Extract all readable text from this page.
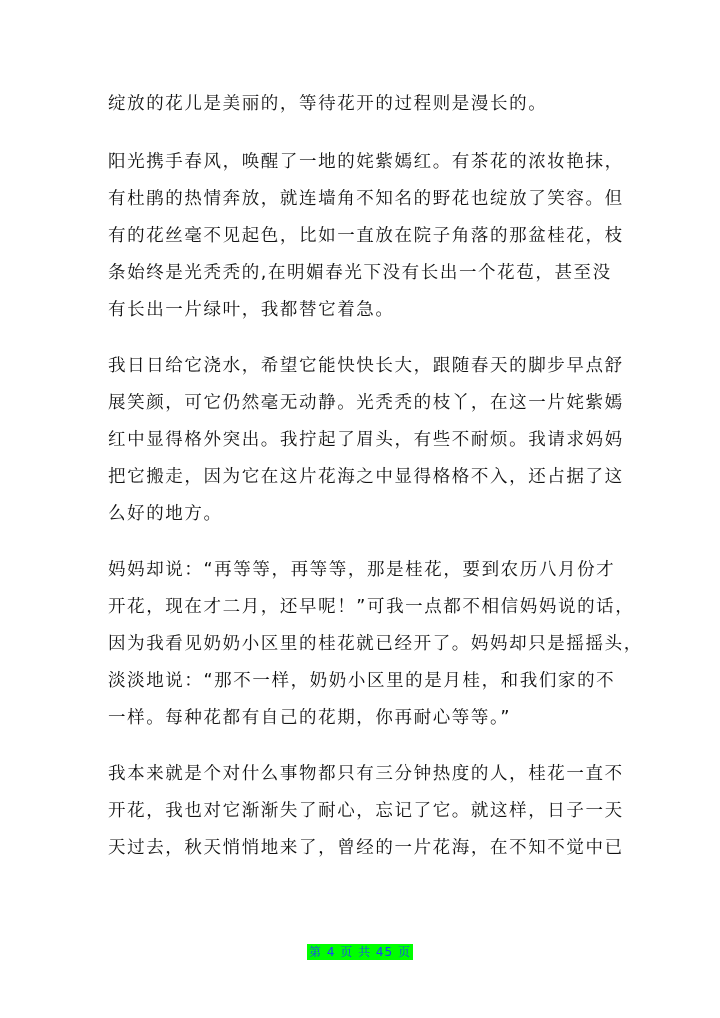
绽放的花儿是美丽的，等待花开的过程则是漫长的。
阳光携手春风，唤醒了一地的姹紫嫣红。有茶花的浓妆艳抹，
有杜鹃的热情奔放，就连墙角不知名的野花也绽放了笑容。但
有的花丝毫不见起色，比如一直放在院子角落的那盆桂花，枝
条始终是光秃秃的,在明媚春光下没有长出一个花苞，甚至没
有长出一片绿叶，我都替它着急。
我日日给它浇水，希望它能快快长大，跟随春天的脚步早点舒
展笑颜，可它仍然毫无动静。光秃秃的枝丫，在这一片姹紫嫣
红中显得格外突出。我拧起了眉头，有些不耐烦。我请求妈妈
把它搬走，因为它在这片花海之中显得格格不入，还占据了这
么好的地方。
妈妈却说：“再等等，再等等，那是桂花，要到农历八月份才
开花，现在才二月，还早呢！”可我一点都不相信妈妈说的话，
因为我看见奶奶小区里的桂花就已经开了。妈妈却只是摇摇头，
淡淡地说：“那不一样，奶奶小区里的是月桂，和我们家的不
一样。每种花都有自己的花期，你再耐心等等。”
我本来就是个对什么事物都只有三分钟热度的人，桂花一直不
开花，我也对它渐渐失了耐心，忘记了它。就这样，日子一天
天过去，秋天悄悄地来了，曾经的一片花海，在不知不觉中已
第 4 页 共 45 页
